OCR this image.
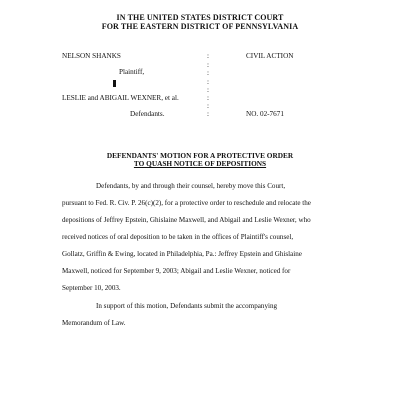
IN THE UNITED STATES DISTRICT COURT
FOR THE EASTERN DISTRICT OF PENNSYLVANIA
NELSON SHANKS	CIVIL ACTION
Plaintiff,
LESLIE and ABIGAIL WEXNER, et al.
Defendants.	NO. 02-7671
:
:
:
:
:
:
:
:
DEFENDANTS' MOTION FOR A PROTECTIVE ORDER
TO QUASH NOTICE OF DEPOSITIONS
Defendants, by and through their counsel, hereby move this Court,
pursuant to Fed. R. Civ. P. 26(c)(2), for a protective order to reschedule and relocate the
depositions of Jeffrey Epstein, Ghislaine Maxwell, and Abigail and Leslie Wexner, who
received notices of oral deposition to be taken in the offices of Plaintiff's counsel,
Gollatz, Griffin & Ewing, located in Philadelphia, Pa.: Jeffrey Epstein and Ghislaine
Maxwell, noticed for September 9, 2003; Abigail and Leslie Wexner, noticed for
September 10, 2003.
In support of this motion, Defendants submit the accompanying
Memorandum of Law.
